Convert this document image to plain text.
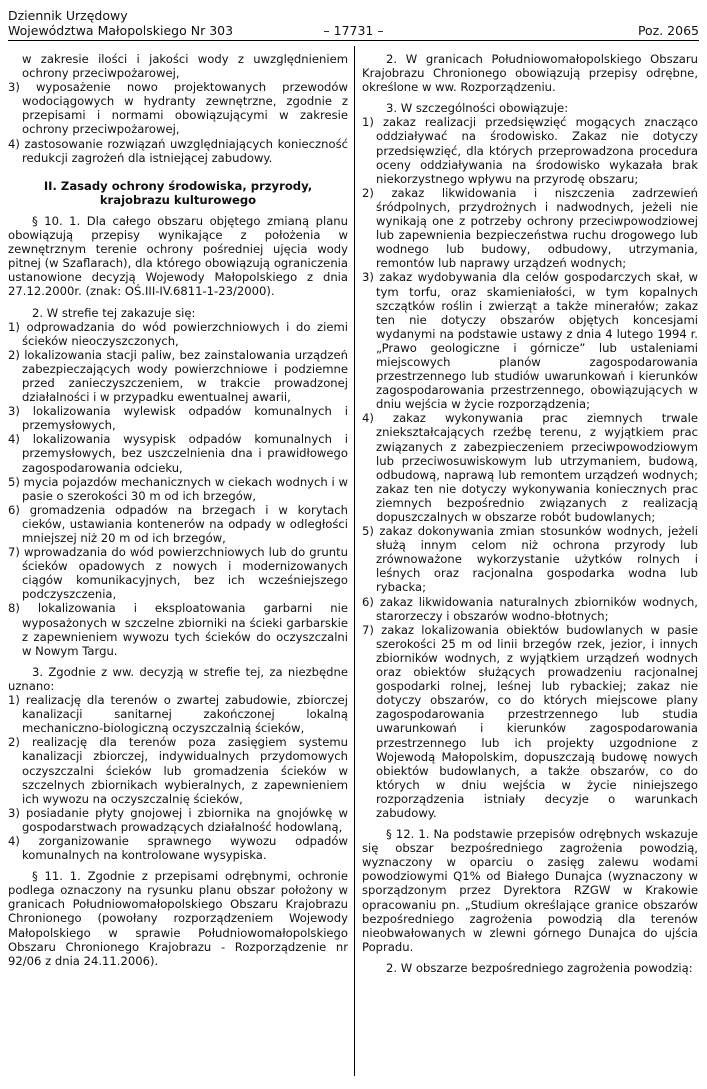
Dziennik Urzędowy
Województwa Małopolskiego Nr 303	– 17731 –	Poz. 2065
w zakresie ilości i jakości wody z uwzględnieniem ochrony przeciwpożarowej,
3) wyposażenie nowo projektowanych przewodów wodociągowych w hydranty zewnętrzne, zgodnie z przepisami i normami obowiązującymi w zakresie ochrony przeciwpożarowej,
4) zastosowanie rozwiązań uwzględniających konieczność redukcji zagrożeń dla istniejącej zabudowy.

II. Zasady ochrony środowiska, przyrody, krajobrazu kulturowego

§ 10. 1. Dla całego obszaru objętego zmianą planu obowiązują przepisy wynikające z położenia w zewnętrznym terenie ochrony pośredniej ujęcia wody pitnej (w Szaflarach), dla którego obowiązują ograniczenia ustanowione decyzją Wojewody Małopolskiego z dnia 27.12.2000r. (znak: OŚ.III-IV.6811-1-23/2000).

2. W strefie tej zakazuje się:

1) odprowadzania do wód powierzchniowych i do ziemi ścieków nieoczyszczonych,
2) lokalizowania stacji paliw, bez zainstalowania urządzeń zabezpieczających wody powierzchniowe i podziemne przed zanieczyszczeniem, w trakcie prowadzonej działalności i w przypadku ewentualnej awarii,
3) lokalizowania wylewisk odpadów komunalnych i przemysłowych,
4) lokalizowania wysypisk odpadów komunalnych i przemysłowych, bez uszczelnienia dna i prawidłowego zagospodarowania odcieku,
5) mycia pojazdów mechanicznych w ciekach wodnych i w pasie o szerokości 30 m od ich brzegów,
6) gromadzenia odpadów na brzegach i w korytach cieków, ustawiania kontenerów na odpady w odległości mniejszej niż 20 m od ich brzegów,
7) wprowadzania do wód powierzchniowych lub do gruntu ścieków opadowych z nowych i modernizowanych ciągów komunikacyjnych, bez ich wcześniejszego podczyszczenia,
8) lokalizowania i eksploatowania garbarni nie wyposażonych w szczelne zbiorniki na ścieki garbarskie z zapewnieniem wywozu tych ścieków do oczyszczalni w Nowym Targu.

3. Zgodnie z ww. decyzją w strefie tej, za niezbędne uznano:

1) realizację dla terenów o zwartej zabudowie, zbiorczej kanalizacji sanitarnej zakończonej lokalną mechaniczno-biologiczną oczyszczalnią ścieków,
2) realizację dla terenów poza zasięgiem systemu kanalizacji zbiorczej, indywidualnych przydomowych oczyszczalni ścieków lub gromadzenia ścieków w szczelnych zbiornikach wybieralnych, z zapewnieniem ich wywozu na oczyszczalnię ścieków,
3) posiadanie płyty gnojowej i zbiornika na gnojówkę w gospodarstwach prowadzących działalność hodowlaną,
4) zorganizowanie sprawnego wywozu odpadów komunalnych na kontrolowane wysypiska.

§ 11. 1. Zgodnie z przepisami odrębnymi, ochronie podlega oznaczony na rysunku planu obszar położony w granicach Południowomałopolskiego Obszaru Krajobrazu Chronionego (powołany rozporządzeniem Wojewody Małopolskiego w sprawie Południowomałopolskiego Obszaru Chronionego Krajobrazu - Rozporządzenie nr 92/06 z dnia 24.11.2006).

2. W granicach Południowomałopolskiego Obszaru Krajobrazu Chronionego obowiązują przepisy odrębne, określone w ww. Rozporządzeniu.

3. W szczególności obowiązuje:

1) zakaz realizacji przedsięwzięć mogących znacząco oddziaływać na środowisko. Zakaz nie dotyczy przedsięwzięć, dla których przeprowadzona procedura oceny oddziaływania na środowisko wykazała brak niekorzystnego wpływu na przyrodę obszaru;
2) zakaz likwidowania i niszczenia zadrzewień śródpolnych, przydrożnych i nadwodnych, jeżeli nie wynikają one z potrzeby ochrony przeciwpowodziowej lub zapewnienia bezpieczeństwa ruchu drogowego lub wodnego lub budowy, odbudowy, utrzymania, remontów lub naprawy urządzeń wodnych;
3) zakaz wydobywania dla celów gospodarczych skał, w tym torfu, oraz skamieniałości, w tym kopalnych szczątków roślin i zwierząt a także minerałów; zakaz ten nie dotyczy obszarów objętych koncesjami wydanymi na podstawie ustawy z dnia 4 lutego 1994 r. „Prawo geologiczne i górnicze” lub ustaleniami miejscowych planów zagospodarowania przestrzennego lub studiów uwarunkowań i kierunków zagospodarowania przestrzennego, obowiązujących w dniu wejścia w życie rozporządzenia;
4) zakaz wykonywania prac ziemnych trwale zniekształcających rzeźbę terenu, z wyjątkiem prac związanych z zabezpieczeniem przeciwpowodziowym lub przeciwosuwiskowym lub utrzymaniem, budową, odbudową, naprawą lub remontem urządzeń wodnych; zakaz ten nie dotyczy wykonywania koniecznych prac ziemnych bezpośrednio związanych z realizacją dopuszczalnych w obszarze robót budowlanych;
5) zakaz dokonywania zmian stosunków wodnych, jeżeli służą innym celom niż ochrona przyrody lub zrównoważone wykorzystanie użytków rolnych i leśnych oraz racjonalna gospodarka wodna lub rybacka;
6) zakaz likwidowania naturalnych zbiorników wodnych, starorzeczy i obszarów wodno-błotnych;
7) zakaz lokalizowania obiektów budowlanych w pasie szerokości 25 m od linii brzegów rzek, jezior, i innych zbiorników wodnych, z wyjątkiem urządzeń wodnych oraz obiektów służących prowadzeniu racjonalnej gospodarki rolnej, leśnej lub rybackiej; zakaz nie dotyczy obszarów, co do których miejscowe plany zagospodarowania przestrzennego lub studia uwarunkowań i kierunków zagospodarowania przestrzennego lub ich projekty uzgodnione z Wojewodą Małopolskim, dopuszczają budowę nowych obiektów budowlanych, a także obszarów, co do których w dniu wejścia w życie niniejszego rozporządzenia istniały decyzje o warunkach zabudowy.

§ 12. 1. Na podstawie przepisów odrębnych wskazuje się obszar bezpośredniego zagrożenia powodzią, wyznaczony w oparciu o zasięg zalewu wodami powodziowymi Q1% od Białego Dunajca (wyznaczony w sporządzonym przez Dyrektora RZGW w Krakowie opracowaniu pn. „Studium określające granice obszarów bezpośredniego zagrożenia powodzią dla terenów nieobwałowanych w zlewni górnego Dunajca do ujścia Popradu.

2. W obszarze bezpośredniego zagrożenia powodzią:
